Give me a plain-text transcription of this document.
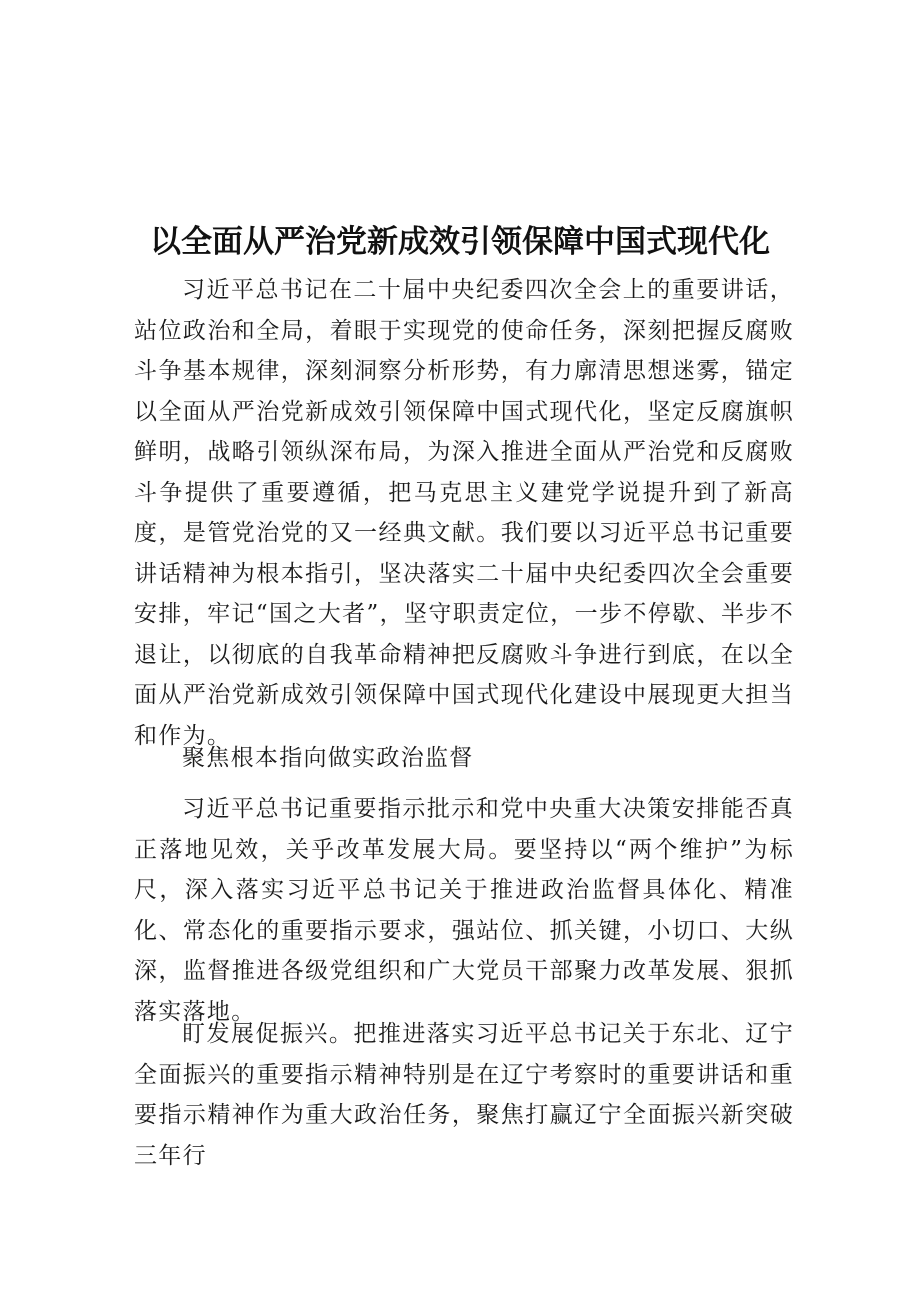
以全面从严治党新成效引领保障中国式现代化

习近平总书记在二十届中央纪委四次全会上的重要讲话，站位政治和全局，着眼于实现党的使命任务，深刻把握反腐败斗争基本规律，深刻洞察分析形势，有力廓清思想迷雾，锚定以全面从严治党新成效引领保障中国式现代化，坚定反腐旗帜鲜明，战略引领纵深布局，为深入推进全面从严治党和反腐败斗争提供了重要遵循，把马克思主义建党学说提升到了新高度，是管党治党的又一经典文献。我们要以习近平总书记重要讲话精神为根本指引，坚决落实二十届中央纪委四次全会重要安排，牢记“国之大者”，坚守职责定位，一步不停歇、半步不退让，以彻底的自我革命精神把反腐败斗争进行到底，在以全面从严治党新成效引领保障中国式现代化建设中展现更大担当和作为。

聚焦根本指向做实政治监督

习近平总书记重要指示批示和党中央重大决策安排能否真正落地见效，关乎改革发展大局。要坚持以“两个维护”为标尺，深入落实习近平总书记关于推进政治监督具体化、精准化、常态化的重要指示要求，强站位、抓关键，小切口、大纵深，监督推进各级党组织和广大党员干部聚力改革发展、狠抓落实落地。

盯发展促振兴。把推进落实习近平总书记关于东北、辽宁全面振兴的重要指示精神特别是在辽宁考察时的重要讲话和重要指示精神作为重大政治任务，聚焦打赢辽宁全面振兴新突破三年行
